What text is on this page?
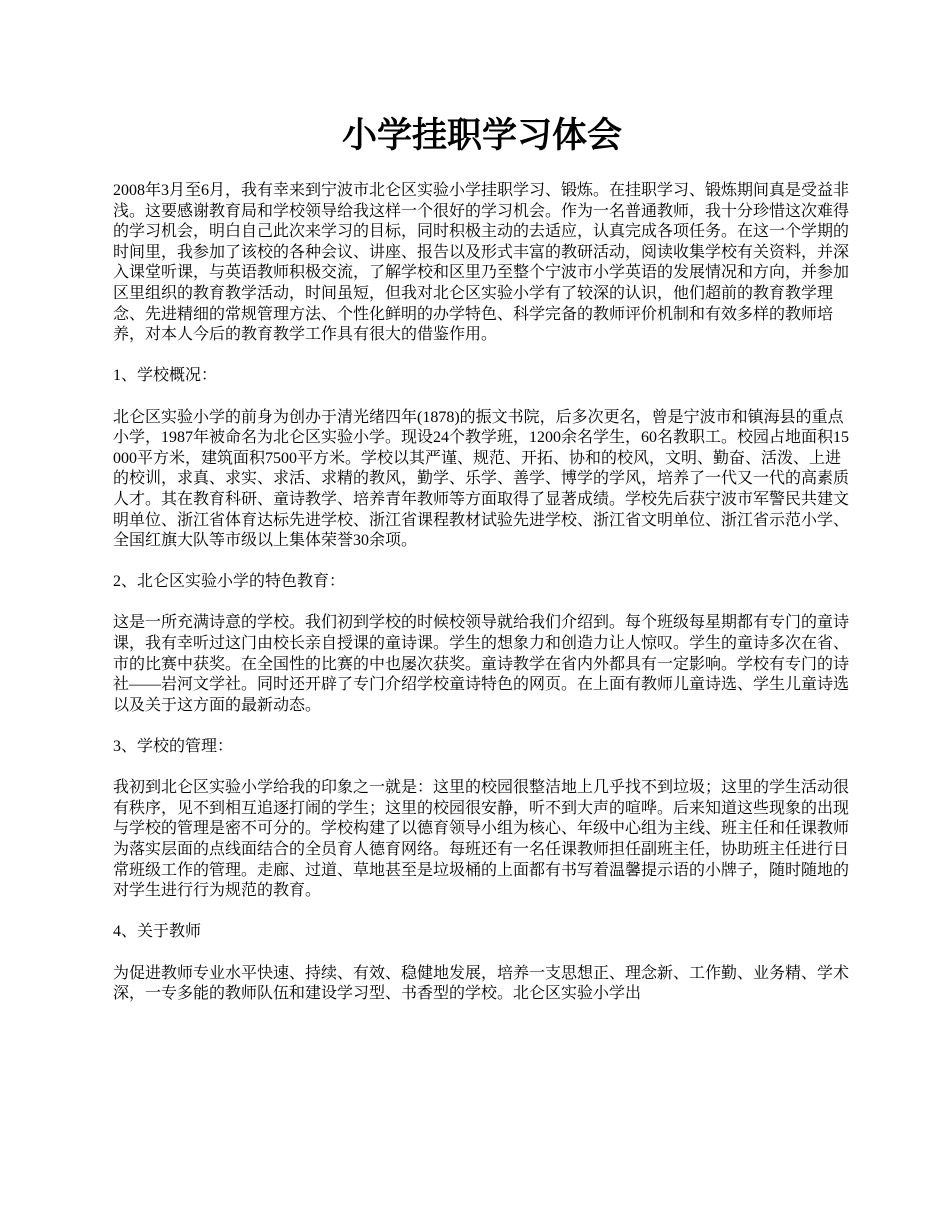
小学挂职学习体会

2008年3月至6月，我有幸来到宁波市北仑区实验小学挂职学习、锻炼。在挂职学习、锻炼期间真是受益非浅。这要感谢教育局和学校领导给我这样一个很好的学习机会。作为一名普通教师，我十分珍惜这次难得的学习机会，明白自己此次来学习的目标，同时积极主动的去适应，认真完成各项任务。在这一个学期的时间里，我参加了该校的各种会议、讲座、报告以及形式丰富的教研活动，阅读收集学校有关资料，并深入课堂听课，与英语教师积极交流，了解学校和区里乃至整个宁波市小学英语的发展情况和方向，并参加区里组织的教育教学活动，时间虽短，但我对北仑区实验小学有了较深的认识，他们超前的教育教学理念、先进精细的常规管理方法、个性化鲜明的办学特色、科学完备的教师评价机制和有效多样的教师培养，对本人今后的教育教学工作具有很大的借鉴作用。

1、学校概况：

北仑区实验小学的前身为创办于清光绪四年(1878)的振文书院，后多次更名，曾是宁波市和镇海县的重点小学，1987年被命名为北仑区实验小学。现设24个教学班，1200余名学生，60名教职工。校园占地面积15000平方米，建筑面积7500平方米。学校以其严谨、规范、开拓、协和的校风，文明、勤奋、活泼、上进的校训，求真、求实、求活、求精的教风，勤学、乐学、善学、博学的学风，培养了一代又一代的高素质人才。其在教育科研、童诗教学、培养青年教师等方面取得了显著成绩。学校先后获宁波市军警民共建文明单位、浙江省体育达标先进学校、浙江省课程教材试验先进学校、浙江省文明单位、浙江省示范小学、全国红旗大队等市级以上集体荣誉30余项。

2、北仑区实验小学的特色教育：

这是一所充满诗意的学校。我们初到学校的时候校领导就给我们介绍到。每个班级每星期都有专门的童诗课，我有幸听过这门由校长亲自授课的童诗课。学生的想象力和创造力让人惊叹。学生的童诗多次在省、市的比赛中获奖。在全国性的比赛的中也屡次获奖。童诗教学在省内外都具有一定影响。学校有专门的诗社——岩河文学社。同时还开辟了专门介绍学校童诗特色的网页。在上面有教师儿童诗选、学生儿童诗选以及关于这方面的最新动态。

3、学校的管理：

我初到北仑区实验小学给我的印象之一就是：这里的校园很整洁地上几乎找不到垃圾；这里的学生活动很有秩序，见不到相互追逐打闹的学生；这里的校园很安静，听不到大声的喧哗。后来知道这些现象的出现与学校的管理是密不可分的。学校构建了以德育领导小组为核心、年级中心组为主线、班主任和任课教师为落实层面的点线面结合的全员育人德育网络。每班还有一名任课教师担任副班主任，协助班主任进行日常班级工作的管理。走廊、过道、草地甚至是垃圾桶的上面都有书写着温馨提示语的小牌子，随时随地的对学生进行行为规范的教育。

4、关于教师

为促进教师专业水平快速、持续、有效、稳健地发展，培养一支思想正、理念新、工作勤、业务精、学术深，一专多能的教师队伍和建设学习型、书香型的学校。北仑区实验小学出
